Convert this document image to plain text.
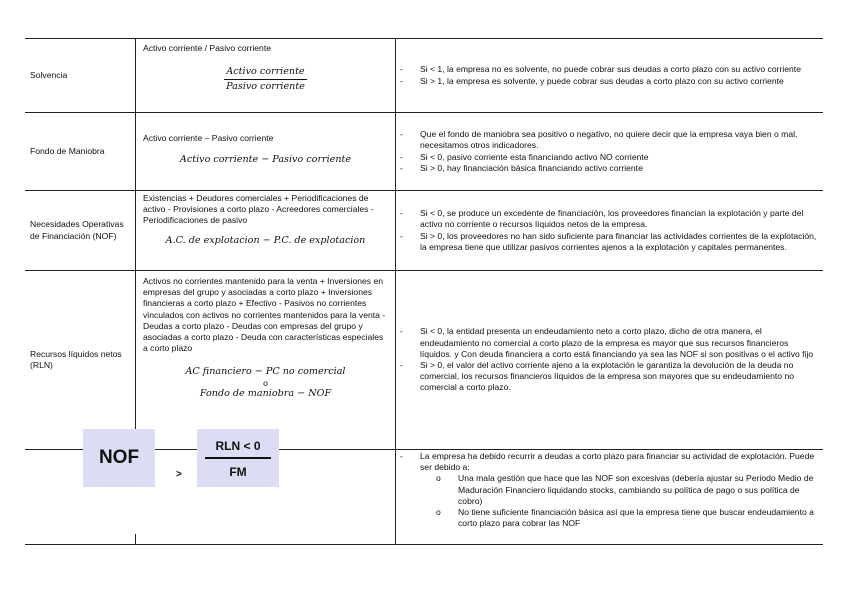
Solvencia
Activo corriente / Pasivo corriente
$\frac{\text{Activo corriente}}{\text{Pasivo corriente}}$
-	Si < 1, la empresa no es solvente, no puede cobrar sus deudas a corto plazo con su activo corriente
- Si > 1, la empresa es solvente, y puede cobrar sus deudas a corto plazo con su activo corriente
Fondo de Maniobra
Activo corriente – Pasivo corriente
Activo corriente − Pasivo corriente
- Que el fondo de maniobra sea positivo o negativo, no quiere decir que la empresa vaya bien o mal, necesitamos otros indicadores.
- Si < 0, pasivo corriente esta financiando activo NO corriente
- Si > 0, hay financiación básica financiando activo corriente
Necesidades Operativas de Financiación (NOF)
Existencias + Deudores comerciales + Periodificaciones de activo - Provisiones a corto plazo - Acreedores comerciales - Periodificaciones de pasivo
A.C. de explotacion − P.C. de explotacion
- Si < 0, se produce un excedente de financiación, los proveedores financian la explotación y parte del activo no corriente o recursos líquidos netos de la empresa.
- Si > 0, los proveedores no han sido suficiente para financiar las actividades corrientes de la explotación, la empresa tiene que utilizar pasivos corrientes ajenos a la explotación y capitales permanentes.
Recursos líquidos netos (RLN)
Activos no corrientes mantenido para la venta + Inversiones en empresas del grupo y asociadas a corto plazo + Inversiones financieras a corto plazo + Efectivo - Pasivos no corrientes vinculados con activos no corrientes mantenidos para la venta - Deudas a corto plazo - Deudas con empresas del grupo y asociadas a corto plazo - Deuda con características especiales a corto plazo
AC financiero − PC no comercial
o
Fondo de maniobra − NOF
- Si < 0, la entidad presenta un endeudamiento neto a corto plazo, dicho de otra manera, el endeudamiento no comercial a corto plazo de la empresa es mayor que sus recursos financieros líquidos. y Con deuda financiera a corto está financiando ya sea las NOF si son positivas o el activo fijo
- Si > 0, el valor del activo corriente ajeno a la explotación le garantiza la devolución de la deuda no comercial, los recursos financieros líquidos de la empresa son mayores que su endeudamiento no comercial a corto plazo.
- La empresa ha debido recurrir a deudas a corto plazo para financiar su actividad de explotación. Puede ser debido a:
o Una mala gestión que hace que las NOF son excesivas (debería ajustar su Periodo Medio de Maduración Financiero liquidando stocks, cambiando su política de pago o sus política de cobro)
o No tiene suficiente financiación básica así que la empresa tiene que buscar endeudamiento a corto plazo para cobrar las NOF
NOF
>
RLN < 0
FM
